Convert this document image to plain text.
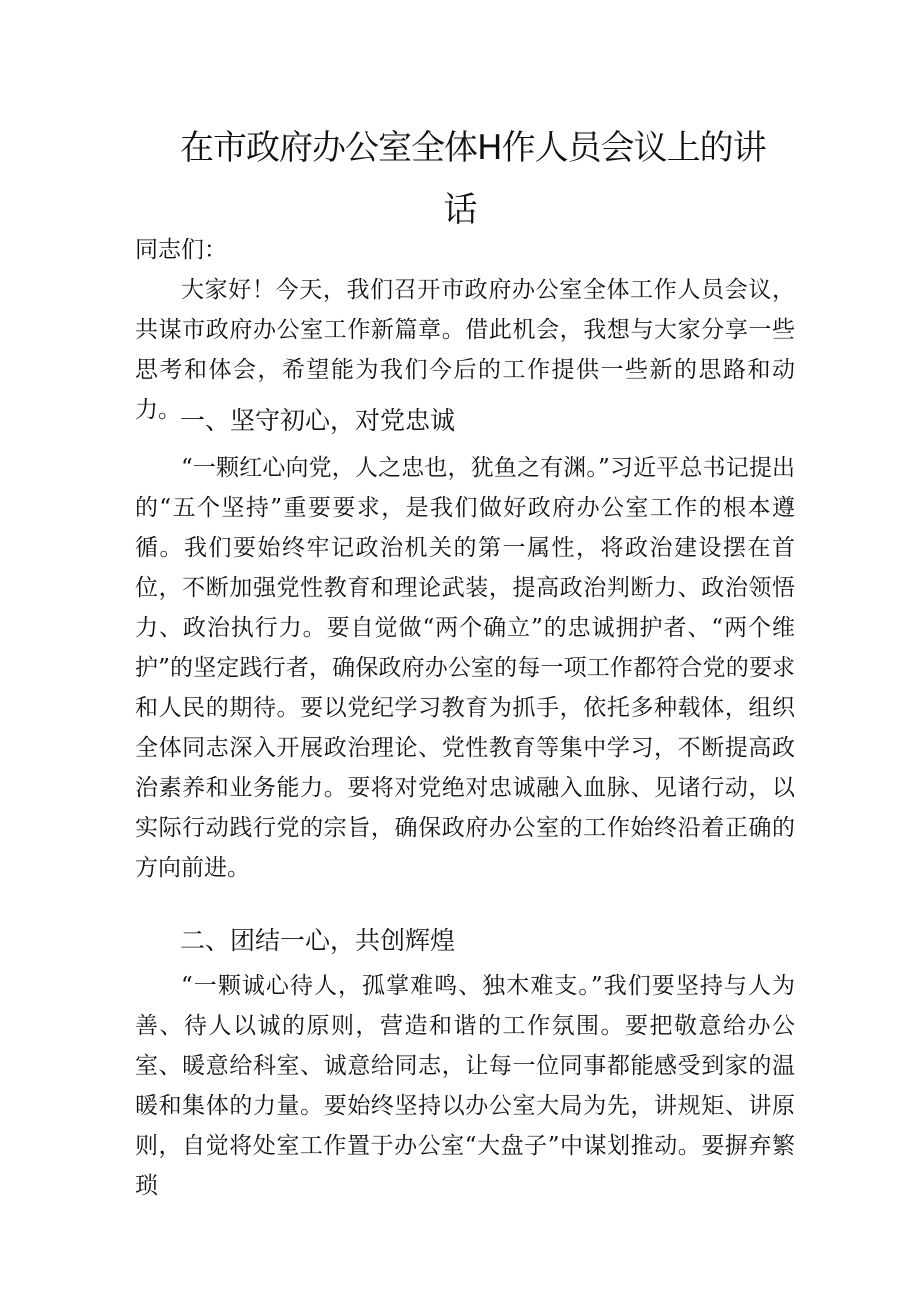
在市政府办公室全体H作人员会议上的讲
话
同志们：
大家好！今天，我们召开市政府办公室全体工作人员会议，共谋市政府办公室工作新篇章。借此机会，我想与大家分享一些思考和体会，希望能为我们今后的工作提供一些新的思路和动力。 一、坚守初心，对党忠诚
“一颗红心向党，人之忠也，犹鱼之有渊。”习近平总书记提出的“五个坚持”重要要求，是我们做好政府办公室工作的根本遵循。我们要始终牢记政治机关的第一属性，将政治建设摆在首位，不断加强党性教育和理论武装，提高政治判断力、政治领悟力、政治执行力。要自觉做“两个确立”的忠诚拥护者、“两个维护”的坚定践行者，确保政府办公室的每一项工作都符合党的要求和人民的期待。要以党纪学习教育为抓手，依托多种载体，组织全体同志深入开展政治理论、党性教育等集中学习，不断提高政治素养和业务能力。要将对党绝对忠诚融入血脉、见诸行动，以实际行动践行党的宗旨，确保政府办公室的工作始终沿着正确的方向前进。
二、团结一心，共创辉煌
“一颗诚心待人，孤掌难鸣、独木难支。”我们要坚持与人为善、待人以诚的原则，营造和谐的工作氛围。要把敬意给办公室、暖意给科室、诚意给同志，让每一位同事都能感受到家的温暖和集体的力量。要始终坚持以办公室大局为先，讲规矩、讲原则，自觉将处室工作置于办公室“大盘子”中谋划推动。要摒弃繁琐
